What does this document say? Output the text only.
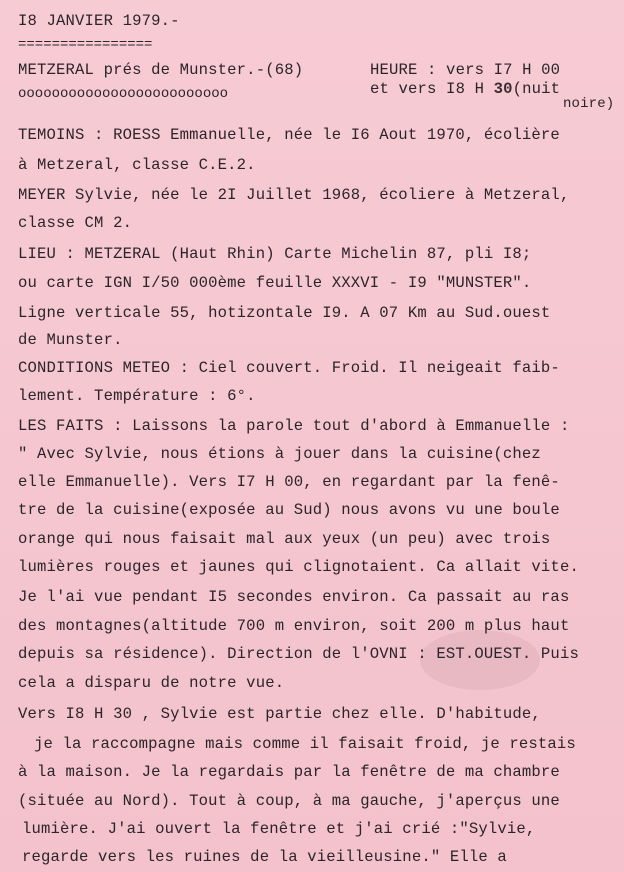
I8 JANVIER 1979.-
================
METZERAL prés de Munster.-(68)
ooooooooooooooooooooooooo
HEURE : vers I7 H 00
et vers I8 H 30(nuit
noire)
TEMOINS : ROESS Emmanuelle, née le I6 Aout 1970, écolière
à Metzeral, classe C.E.2.
MEYER Sylvie, née le 2I Juillet 1968, écoliere à Metzeral,
classe CM 2.
LIEU : METZERAL (Haut Rhin) Carte Michelin 87, pli I8;
ou carte IGN I/50 000ème feuille XXXVI - I9 "MUNSTER".
Ligne verticale 55, hotizontale I9. A 07 Km au Sud.ouest
de Munster.
CONDITIONS METEO : Ciel couvert. Froid. Il neigeait faib-
lement. Température : 6°.
LES FAITS : Laissons la parole tout d'abord à Emmanuelle :
" Avec Sylvie, nous étions à jouer dans la cuisine(chez
elle Emmanuelle). Vers I7 H 00, en regardant par la fenê-
tre de la cuisine(exposée au Sud) nous avons vu une boule
orange qui nous faisait mal aux yeux (un peu) avec trois
lumières rouges et jaunes qui clignotaient. Ca allait vite.
Je l'ai vue pendant I5 secondes environ. Ca passait au ras
des montagnes(altitude 700 m environ, soit 200 m plus haut
depuis sa résidence). Direction de l'OVNI : EST.OUEST. Puis
cela a disparu de notre vue.
Vers I8 H 30 , Sylvie est partie chez elle. D'habitude,
je la raccompagne mais comme il faisait froid, je restais
à la maison. Je la regardais par la fenêtre de ma chambre
(située au Nord). Tout à coup, à ma gauche, j'aperçus une
lumière. J'ai ouvert la fenêtre et j'ai crié :"Sylvie,
regarde vers les ruines de la vieilleusine." Elle a
